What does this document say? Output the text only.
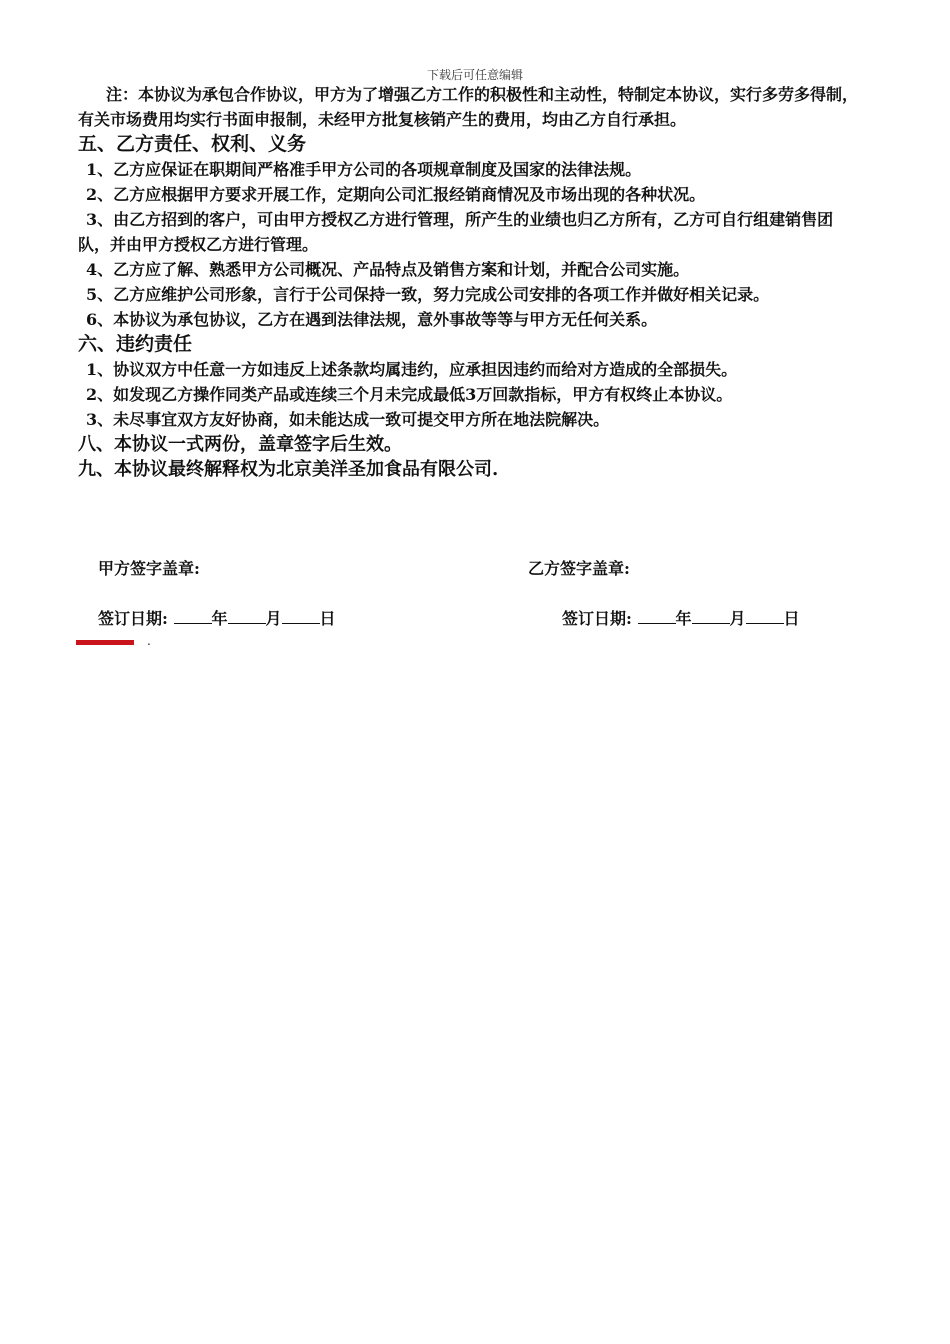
下载后可任意编辑

注：本协议为承包合作协议，甲方为了增强乙方工作的积极性和主动性，特制定本协议，实行多劳多得制，有关市场费用均实行书面申报制，未经甲方批复核销产生的费用，均由乙方自行承担。

五、乙方责任、权利、义务

1、乙方应保证在职期间严格准手甲方公司的各项规章制度及国家的法律法规。

2、乙方应根据甲方要求开展工作，定期向公司汇报经销商情况及市场出现的各种状况。

3、由乙方招到的客户，可由甲方授权乙方进行管理，所产生的业绩也归乙方所有，乙方可自行组建销售团队，并由甲方授权乙方进行管理。

4、乙方应了解、熟悉甲方公司概况、产品特点及销售方案和计划，并配合公司实施。

5、乙方应维护公司形象，言行于公司保持一致，努力完成公司安排的各项工作并做好相关记录。

6、本协议为承包协议，乙方在遇到法律法规，意外事故等等与甲方无任何关系。

六、违约责任

1、协议双方中任意一方如违反上述条款均属违约，应承担因违约而给对方造成的全部损失。

2、如发现乙方操作同类产品或连续三个月未完成最低3万回款指标，甲方有权终止本协议。

3、未尽事宜双方友好协商，如未能达成一致可提交甲方所在地法院解决。

八、本协议一式两份，盖章签字后生效。

九、本协议最终解释权为北京美洋圣加食品有限公司.

甲方签字盖章:	乙方签字盖章:
签订日期:	年 月 日	签订日期:	年 月 日
.
